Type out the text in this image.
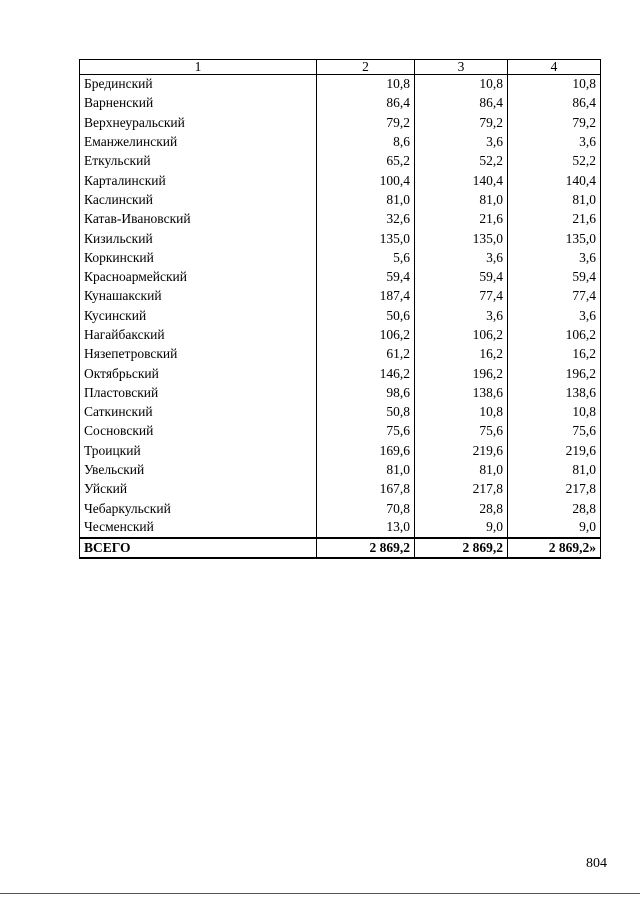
1	2	3	4
Брединский	10,8	10,8	10,8
Варненский	86,4	86,4	86,4
Верхнеуральский	79,2	79,2	79,2
Еманжелинский	8,6	3,6	3,6
Еткульский	65,2	52,2	52,2
Карталинский	100,4	140,4	140,4
Каслинский	81,0	81,0	81,0
Катав-Ивановский	32,6	21,6	21,6
Кизильский	135,0	135,0	135,0
Коркинский	5,6	3,6	3,6
Красноармейский	59,4	59,4	59,4
Кунашакский	187,4	77,4	77,4
Кусинский	50,6	3,6	3,6
Нагайбакский	106,2	106,2	106,2
Нязепетровский	61,2	16,2	16,2
Октябрьский	146,2	196,2	196,2
Пластовский	98,6	138,6	138,6
Саткинский	50,8	10,8	10,8
Сосновский	75,6	75,6	75,6
Троицкий	169,6	219,6	219,6
Увельский	81,0	81,0	81,0
Уйский	167,8	217,8	217,8
Чебаркульский	70,8	28,8	28,8
Чесменский	13,0	9,0	9,0
ВСЕГО	2 869,2	2 869,2	2 869,2»
804
